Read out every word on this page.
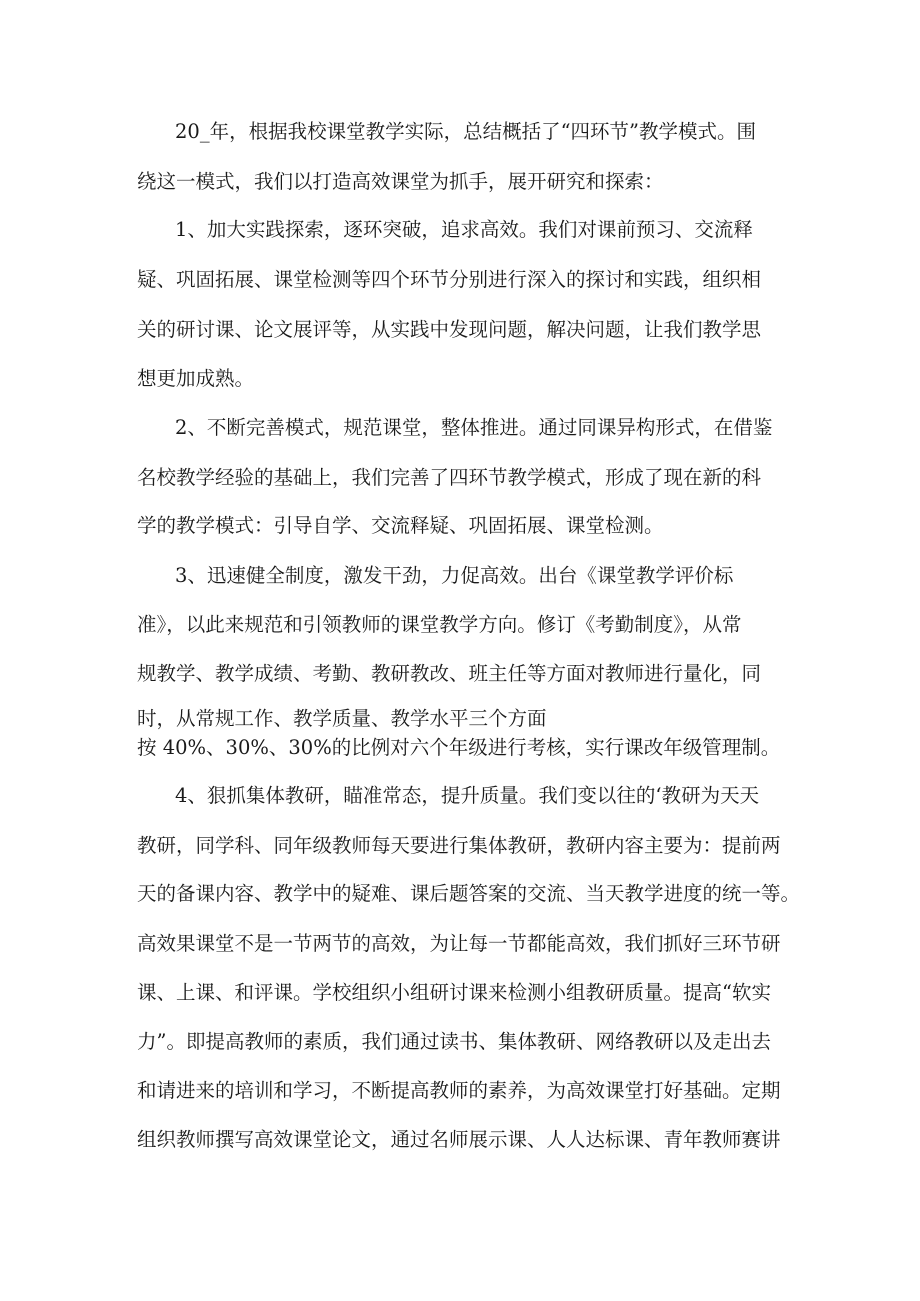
20_年，根据我校课堂教学实际，总结概括了“四环节”教学模式。围
绕这一模式，我们以打造高效课堂为抓手，展开研究和探索：
1、加大实践探索，逐环突破，追求高效。我们对课前预习、交流释
疑、巩固拓展、课堂检测等四个环节分别进行深入的探讨和实践，组织相
关的研讨课、论文展评等，从实践中发现问题，解决问题，让我们教学思
想更加成熟。
2、不断完善模式，规范课堂，整体推进。通过同课异构形式，在借鉴
名校教学经验的基础上，我们完善了四环节教学模式，形成了现在新的科
学的教学模式：引导自学、交流释疑、巩固拓展、课堂检测。
3、迅速健全制度，激发干劲，力促高效。出台《课堂教学评价标
准》，以此来规范和引领教师的课堂教学方向。修订《考勤制度》，从常
规教学、教学成绩、考勤、教研教改、班主任等方面对教师进行量化，同
时，从常规工作、教学质量、教学水平三个方面
按 40%、30%、30%的比例对六个年级进行考核，实行课改年级管理制。
4、狠抓集体教研，瞄准常态，提升质量。我们变以往的‘教研为天天
教研，同学科、同年级教师每天要进行集体教研，教研内容主要为：提前两
天的备课内容、教学中的疑难、课后题答案的交流、当天教学进度的统一等。
高效果课堂不是一节两节的高效，为让每一节都能高效，我们抓好三环节研
课、上课、和评课。学校组织小组研讨课来检测小组教研质量。提高“软实
力”。即提高教师的素质，我们通过读书、集体教研、网络教研以及走出去
和请进来的培训和学习，不断提高教师的素养，为高效课堂打好基础。定期
组织教师撰写高效课堂论文，通过名师展示课、人人达标课、青年教师赛讲
